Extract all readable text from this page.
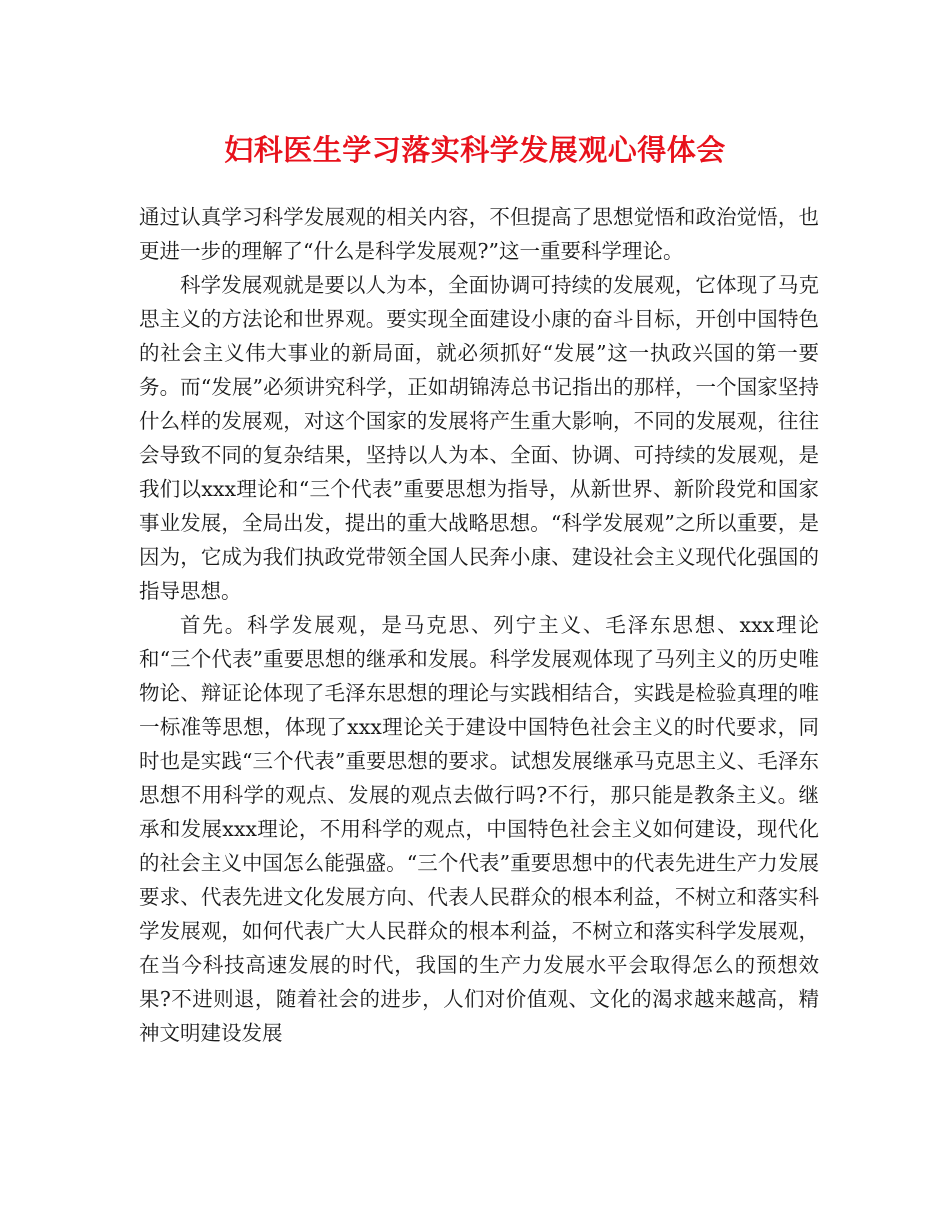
妇科医生学习落实科学发展观心得体会

通过认真学习科学发展观的相关内容，不但提高了思想觉悟和政治觉悟，也更进一步的理解了“什么是科学发展观?”这一重要科学理论。

科学发展观就是要以人为本，全面协调可持续的发展观，它体现了马克思主义的方法论和世界观。要实现全面建设小康的奋斗目标，开创中国特色的社会主义伟大事业的新局面，就必须抓好“发展”这一执政兴国的第一要务。而“发展”必须讲究科学，正如胡锦涛总书记指出的那样，一个国家坚持什么样的发展观，对这个国家的发展将产生重大影响，不同的发展观，往往会导致不同的复杂结果，坚持以人为本、全面、协调、可持续的发展观，是我们以xxx理论和“三个代表”重要思想为指导，从新世界、新阶段党和国家事业发展，全局出发，提出的重大战略思想。“科学发展观”之所以重要，是因为，它成为我们执政党带领全国人民奔小康、建设社会主义现代化强国的指导思想。

首先。科学发展观，是马克思、列宁主义、毛泽东思想、xxx理论和“三个代表”重要思想的继承和发展。科学发展观体现了马列主义的历史唯物论、辩证论体现了毛泽东思想的理论与实践相结合，实践是检验真理的唯一标准等思想，体现了xxx理论关于建设中国特色社会主义的时代要求，同时也是实践“三个代表”重要思想的要求。试想发展继承马克思主义、毛泽东思想不用科学的观点、发展的观点去做行吗?不行，那只能是教条主义。继承和发展xxx理论，不用科学的观点，中国特色社会主义如何建设，现代化的社会主义中国怎么能强盛。“三个代表”重要思想中的代表先进生产力发展要求、代表先进文化发展方向、代表人民群众的根本利益，不树立和落实科学发展观，如何代表广大人民群众的根本利益，不树立和落实科学发展观，在当今科技高速发展的时代，我国的生产力发展水平会取得怎么的预想效果?不进则退，随着社会的进步，人们对价值观、文化的渴求越来越高，精神文明建设发展
